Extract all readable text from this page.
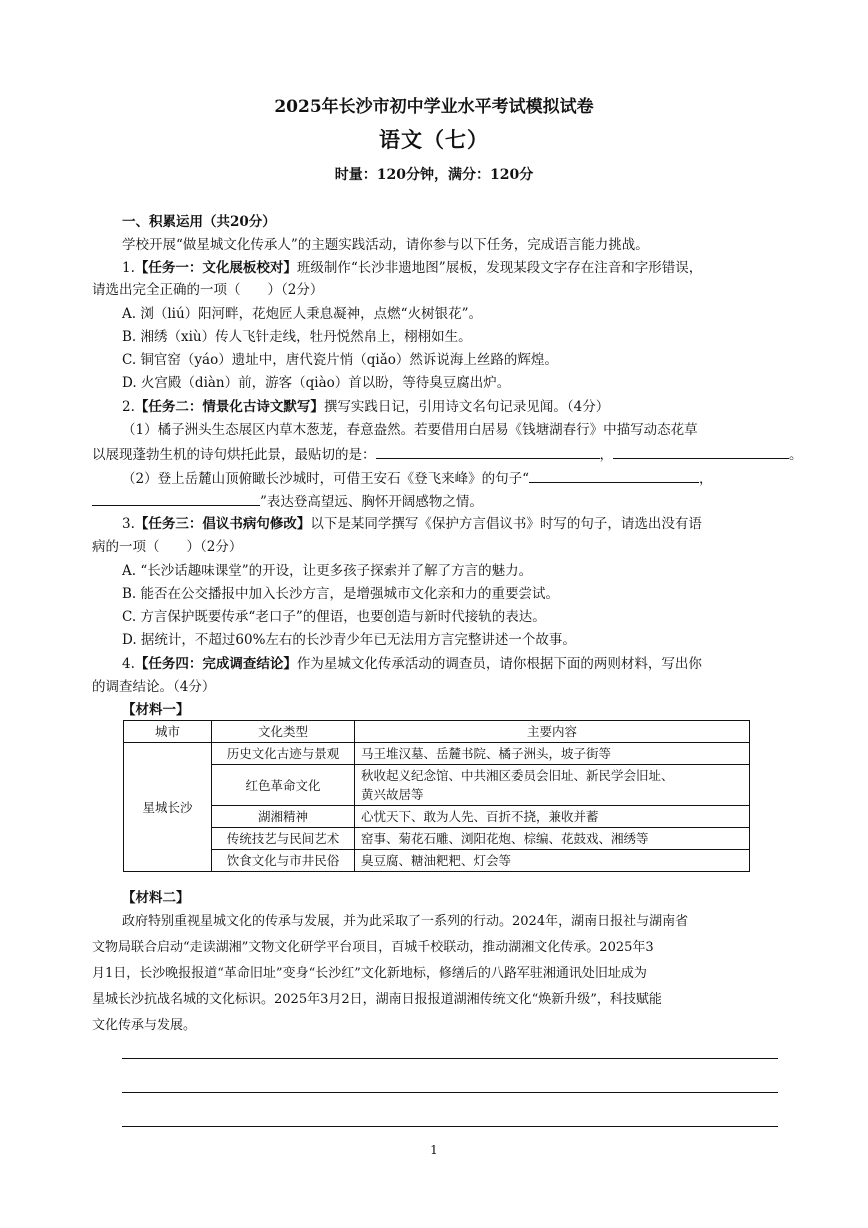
2025年长沙市初中学业水平考试模拟试卷
语文（七）
时量：120分钟，满分：120分
一、积累运用（共20分）
学校开展“做星城文化传承人”的主题实践活动，请你参与以下任务，完成语言能力挑战。
1.【任务一：文化展板校对】班级制作“长沙非遗地图”展板，发现某段文字存在注音和字形错误，
请选出完全正确的一项（　　）（2分）
A. 浏（liú）阳河畔，花炮匠人秉息凝神，点燃“火树银花”。
B. 湘绣（xiù）传人飞针走线，牡丹悦然帛上，栩栩如生。
C. 铜官窑（yáo）遗址中，唐代瓷片悄（qiǎo）然诉说海上丝路的辉煌。
D. 火宫殿（diàn）前，游客（qiào）首以盼，等待臭豆腐出炉。
2.【任务二：情景化古诗文默写】撰写实践日记，引用诗文名句记录见闻。（4分）
（1）橘子洲头生态展区内草木葱茏，春意盎然。若要借用白居易《钱塘湖春行》中描写动态花草
以展现蓬勃生机的诗句烘托此景，最贴切的是：	，	。
（2）登上岳麓山顶俯瞰长沙城时，可借王安石《登飞来峰》的句子“	，
”表达登高望远、胸怀开阔感物之情。
3.【任务三：倡议书病句修改】以下是某同学撰写《保护方言倡议书》时写的句子，请选出没有语
病的一项（　　）（2分）
A. “长沙话趣味课堂”的开设，让更多孩子探索并了解了方言的魅力。
B. 能否在公交播报中加入长沙方言，是增强城市文化亲和力的重要尝试。
C. 方言保护既要传承“老口子”的俚语，也要创造与新时代接轨的表达。
D. 据统计，不超过60%左右的长沙青少年已无法用方言完整讲述一个故事。
4.【任务四：完成调查结论】作为星城文化传承活动的调查员，请你根据下面的两则材料，写出你
的调查结论。（4分）
【材料一】
城市	文化类型	主要内容
星城长沙	历史文化古迹与景观	马王堆汉墓、岳麓书院、橘子洲头，坡子街等
	红色革命文化	秋收起义纪念馆、中共湘区委员会旧址、新民学会旧址、
黄兴故居等

	湖湘精神	心忧天下、敢为人先、百折不挠，兼收并蓄
	传统技艺与民间艺术	窑事、菊花石雕、浏阳花炮、棕编、花鼓戏、湘绣等
	饮食文化与市井民俗	臭豆腐、糖油粑粑、灯会等
【材料二】
政府特别重视星城文化的传承与发展，并为此采取了一系列的行动。2024年，湖南日报社与湖南省
文物局联合启动“走读湖湘”文物文化研学平台项目，百城千校联动，推动湖湘文化传承。2025年3
月1日，长沙晚报报道“革命旧址”变身“长沙红”文化新地标，修缮后的八路军驻湘通讯处旧址成为
星城长沙抗战名城的文化标识。2025年3月2日，湖南日报报道湖湘传统文化“焕新升级”，科技赋能
文化传承与发展。
1
